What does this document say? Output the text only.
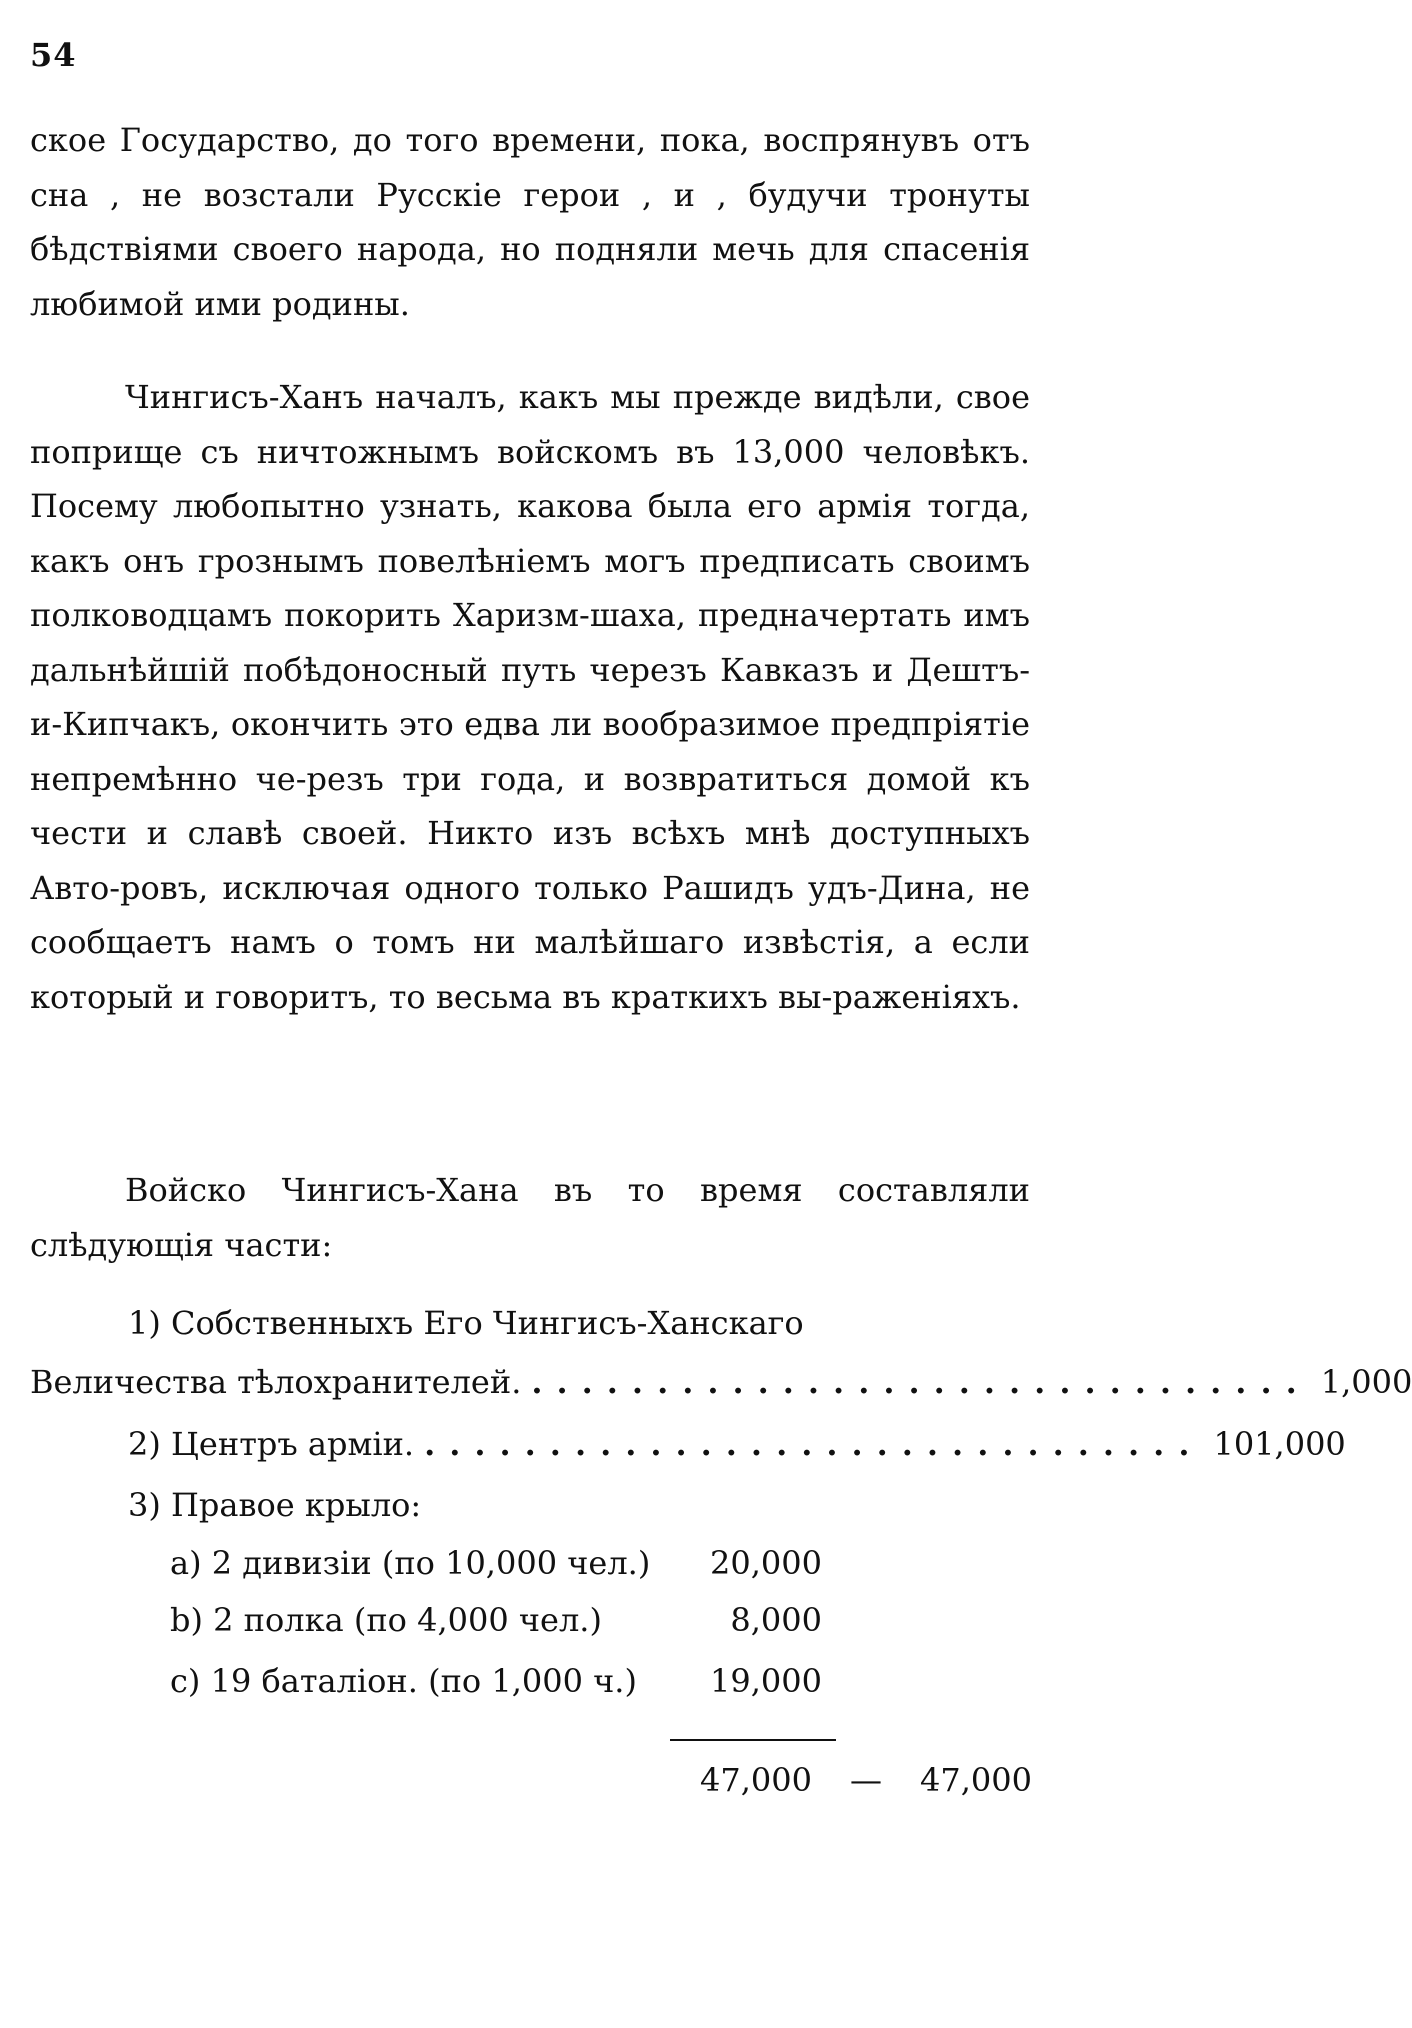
54

ское Государство, до того времени, пока, воспрянувъ отъ сна , не возстали Русскіе герои , и , будучи тронуты бѣдствіями своего народа, но подняли мечь для спасенія любимой ими родины.

Чингисъ-Ханъ началъ, какъ мы прежде видѣли, свое поприще съ ничтожнымъ войскомъ въ 13,000 человѣкъ. Посему любопытно узнать, какова была его армія тогда, какъ онъ грознымъ повелѣніемъ могъ предписать своимъ полководцамъ покорить Харизм-шаха, предначертать имъ дальнѣйшій побѣдоносный путь черезъ Кавказъ и Дештъ-и-Кипчакъ, окончить это едва ли вообразимое предпріятіе непремѣнно че-резъ три года, и возвратиться домой къ чести и славѣ своей. Никто изъ всѣхъ мнѣ доступныхъ Авто-ровъ, исключая одного только Рашидъ удъ-Дина, не сообщаетъ намъ о томъ ни малѣйшаго извѣстія, а если который и говоритъ, то весьма въ краткихъ вы-раженіяхъ.

Войско Чингисъ-Хана въ то время составляли слѣдующія части:

1) Собственныхъ Его Чингисъ-Ханскаго
Величества тѣлохранителей. ............................... 1,000
2) Центръ арміи. ............................... 101,000
3) Правое крыло:
a) 2 дивизіи (по 10,000 чел.)	20,000
b) 2 полка (по 4,000 чел.)	8,000
c) 19 баталіон. (по 1,000 ч.)	19,000
47,000	—	47,000
